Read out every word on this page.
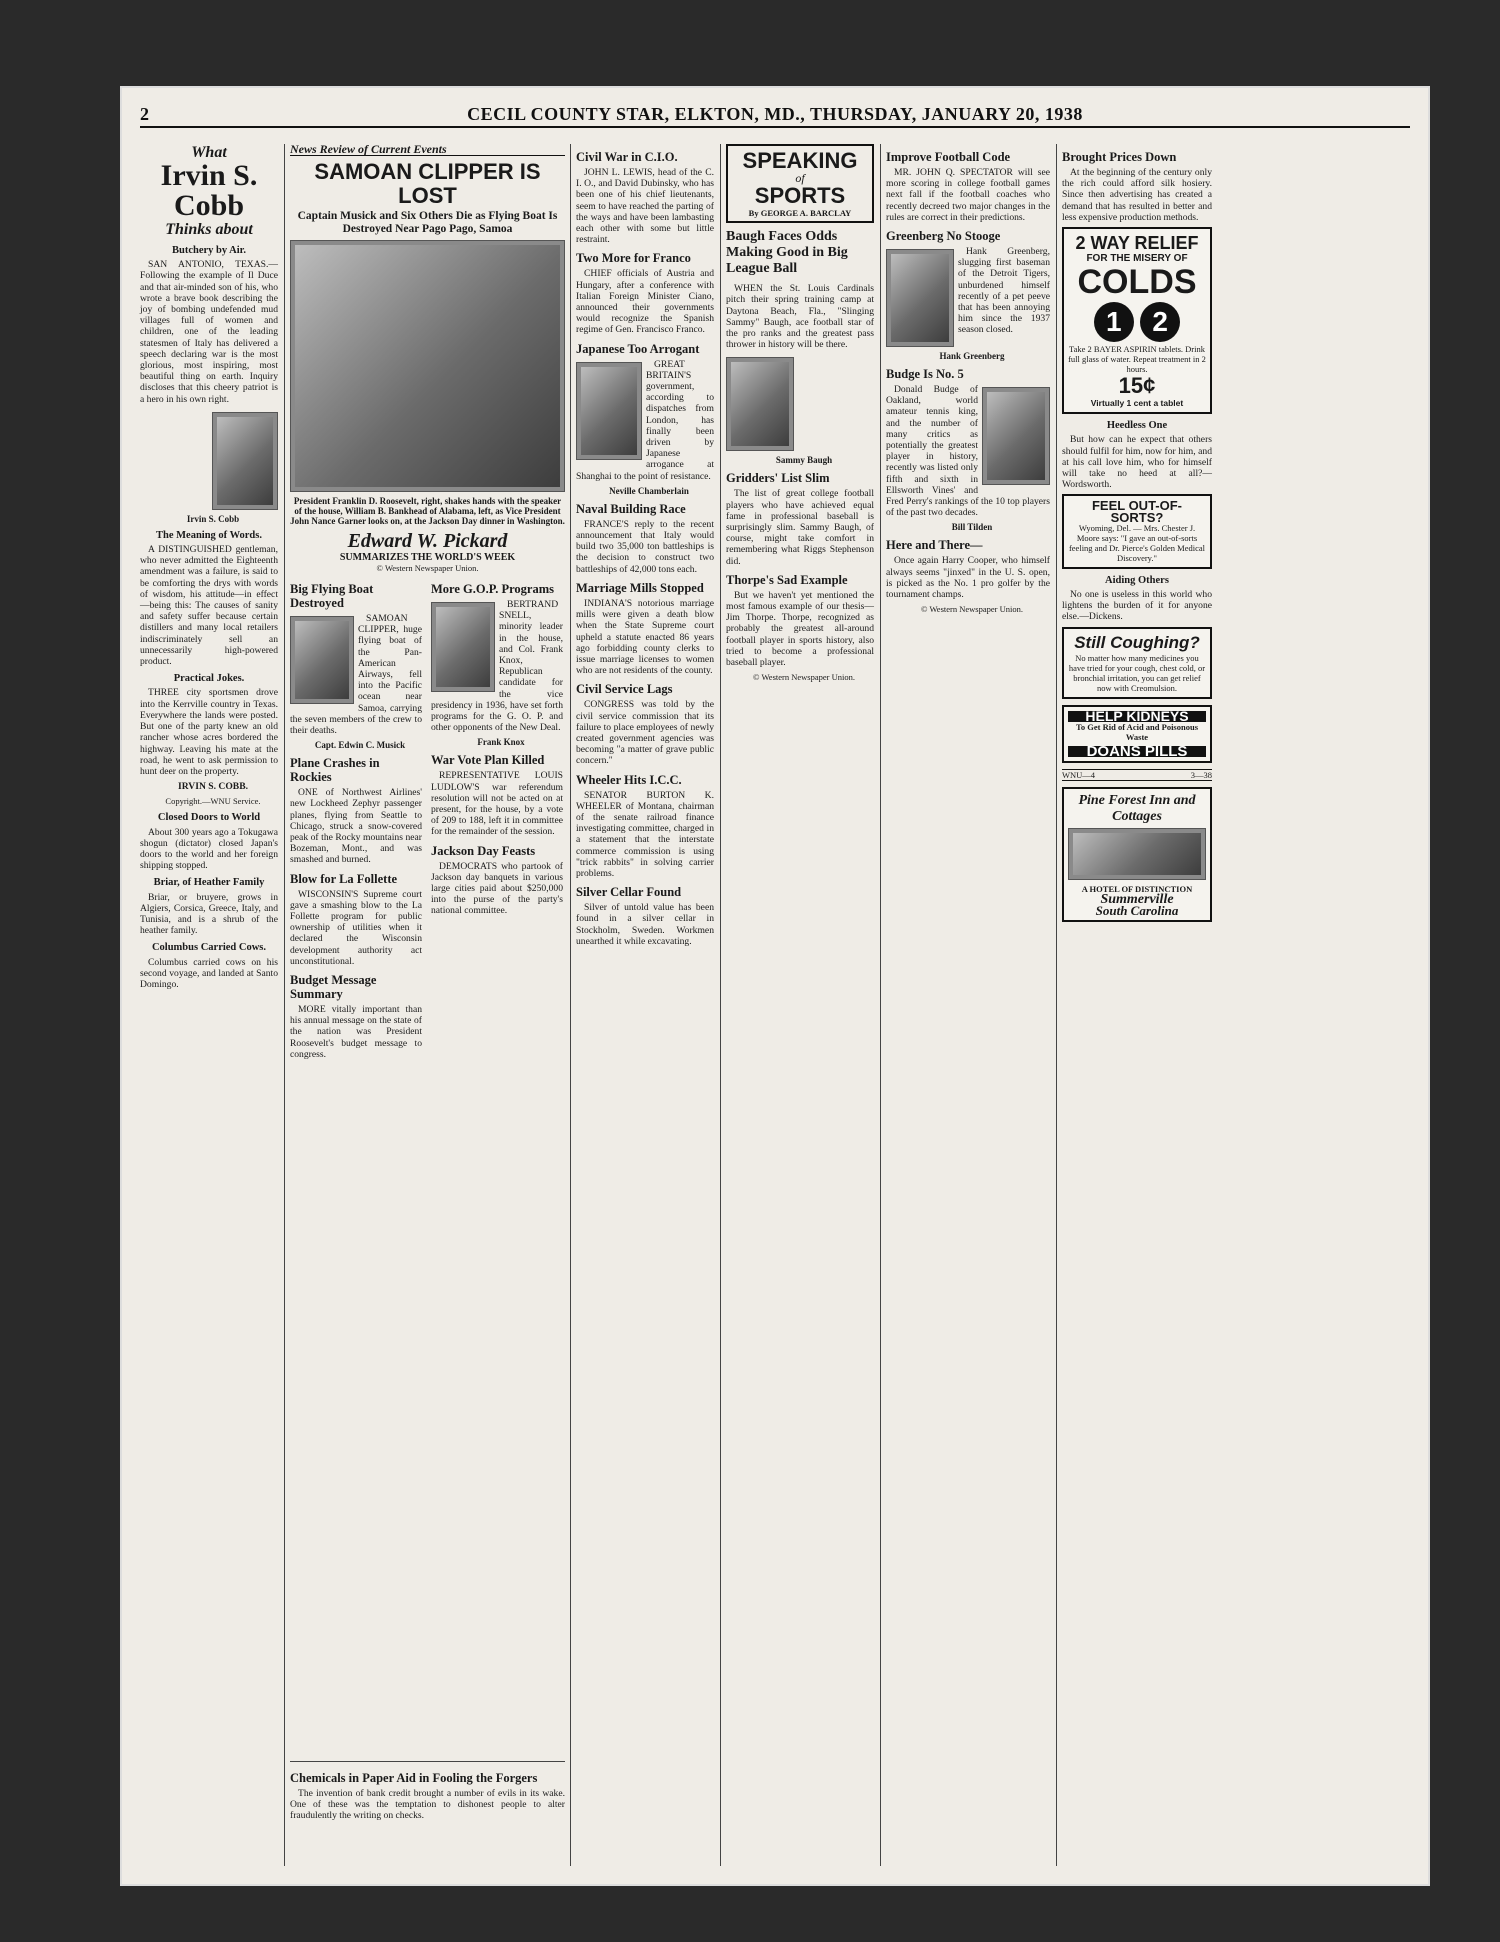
2	CECIL COUNTY STAR, ELKTON, MD., THURSDAY, JANUARY 20, 1938
What
Irvin S. Cobb
Thinks about
Butchery by Air.

SAN ANTONIO, TEXAS.—Following the example of Il Duce and that air-minded son of his, who wrote a brave book describing the joy of bombing undefended mud villages full of women and children, one of the leading statesmen of Italy has delivered a speech declaring war is the most glorious, most inspiring, most beautiful thing on earth. Inquiry discloses that this cheery patriot is a hero in his own right.

Irvin S. Cobb

The Meaning of Words.

A DISTINGUISHED gentleman, who never admitted the Eighteenth amendment was a failure, is said to be comforting the drys with words of wisdom, his attitude—in effect—being this: The causes of sanity and safety suffer because certain distillers and many local retailers indiscriminately sell an unnecessarily high-powered product.

Practical Jokes.

THREE city sportsmen drove into the Kerrville country in Texas. Everywhere the lands were posted. But one of the party knew an old rancher whose acres bordered the highway. Leaving his mate at the road, he went to ask permission to hunt deer on the property.

IRVIN S. COBB.

Copyright.—WNU Service.

Closed Doors to World

About 300 years ago a Tokugawa shogun (dictator) closed Japan's doors to the world and her foreign shipping stopped.

Briar, of Heather Family

Briar, or bruyere, grows in Algiers, Corsica, Greece, Italy, and Tunisia, and is a shrub of the heather family.

Columbus Carried Cows.

Columbus carried cows on his second voyage, and landed at Santo Domingo.

News Review of Current Events
SAMOAN CLIPPER IS LOST
Captain Musick and Six Others Die as Flying Boat Is Destroyed Near Pago Pago, Samoa
President Franklin D. Roosevelt, right, shakes hands with the speaker of the house, William B. Bankhead of Alabama, left, as Vice President John Nance Garner looks on, at the Jackson Day dinner in Washington.
Edward W. Pickard
SUMMARIZES THE WORLD'S WEEK
© Western Newspaper Union.
Big Flying Boat Destroyed

SAMOAN CLIPPER, huge flying boat of the Pan-American Airways, fell into the Pacific ocean near Samoa, carrying the seven members of the crew to their deaths.

Capt. Edwin C. Musick

Plane Crashes in Rockies

ONE of Northwest Airlines' new Lockheed Zephyr passenger planes, flying from Seattle to Chicago, struck a snow-covered peak of the Rocky mountains near Bozeman, Mont., and was smashed and burned.

Blow for La Follette

WISCONSIN'S Supreme court gave a smashing blow to the La Follette program for public ownership of utilities when it declared the Wisconsin development authority act unconstitutional.

Budget Message Summary

MORE vitally important than his annual message on the state of the nation was President Roosevelt's budget message to congress.

More G.O.P. Programs

BERTRAND SNELL, minority leader in the house, and Col. Frank Knox, Republican candidate for the vice presidency in 1936, have set forth programs for the G. O. P. and other opponents of the New Deal.

Frank Knox

War Vote Plan Killed

REPRESENTATIVE LOUIS LUDLOW'S war referendum resolution will not be acted on at present, for the house, by a vote of 209 to 188, left it in committee for the remainder of the session.

Jackson Day Feasts

DEMOCRATS who partook of Jackson day banquets in various large cities paid about $250,000 into the purse of the party's national committee.

Chemicals in Paper Aid in Fooling the Forgers

The invention of bank credit brought a number of evils in its wake. One of these was the temptation to dishonest people to alter fraudulently the writing on checks.

Civil War in C.I.O.

JOHN L. LEWIS, head of the C. I. O., and David Dubinsky, who has been one of his chief lieutenants, seem to have reached the parting of the ways and have been lambasting each other with some but little restraint.

Two More for Franco

CHIEF officials of Austria and Hungary, after a conference with Italian Foreign Minister Ciano, announced their governments would recognize the Spanish regime of Gen. Francisco Franco.

Japanese Too Arrogant

GREAT BRITAIN'S government, according to dispatches from London, has finally been driven by Japanese arrogance at Shanghai to the point of resistance.

Neville Chamberlain

Naval Building Race

FRANCE'S reply to the recent announcement that Italy would build two 35,000 ton battleships is the decision to construct two battleships of 42,000 tons each.

Marriage Mills Stopped

INDIANA'S notorious marriage mills were given a death blow when the State Supreme court upheld a statute enacted 86 years ago forbidding county clerks to issue marriage licenses to women who are not residents of the county.

Civil Service Lags

CONGRESS was told by the civil service commission that its failure to place employees of newly created government agencies was becoming "a matter of grave public concern."

Wheeler Hits I.C.C.

SENATOR BURTON K. WHEELER of Montana, chairman of the senate railroad finance investigating committee, charged in a statement that the interstate commerce commission is using "trick rabbits" in solving carrier problems.

Silver Cellar Found

Silver of untold value has been found in a silver cellar in Stockholm, Sweden. Workmen unearthed it while excavating.

SPEAKING
of
SPORTS
By GEORGE A. BARCLAY
Baugh Faces Odds Making Good in Big League Ball

WHEN the St. Louis Cardinals pitch their spring training camp at Daytona Beach, Fla., "Slinging Sammy" Baugh, ace football star of the pro ranks and the greatest pass thrower in history will be there.

Sammy Baugh

Gridders' List Slim

The list of great college football players who have achieved equal fame in professional baseball is surprisingly slim. Sammy Baugh, of course, might take comfort in remembering what Riggs Stephenson did.

Thorpe's Sad Example

But we haven't yet mentioned the most famous example of our thesis—Jim Thorpe. Thorpe, recognized as probably the greatest all-around football player in sports history, also tried to become a professional baseball player.

© Western Newspaper Union.

Improve Football Code

MR. JOHN Q. SPECTATOR will see more scoring in college football games next fall if the football coaches who recently decreed two major changes in the rules are correct in their predictions.

Greenberg No Stooge

Hank Greenberg, slugging first baseman of the Detroit Tigers, unburdened himself recently of a pet peeve that has been annoying him since the 1937 season closed.

Hank Greenberg

Budge Is No. 5

Donald Budge of Oakland, world amateur tennis king, and the number of many critics as potentially the greatest player in history, recently was listed only fifth and sixth in Ellsworth Vines' and Fred Perry's rankings of the 10 top players of the past two decades.

Bill Tilden

Here and There—

Once again Harry Cooper, who himself always seems "jinxed" in the U. S. open, is picked as the No. 1 pro golfer by the tournament champs.

© Western Newspaper Union.

Brought Prices Down

At the beginning of the century only the rich could afford silk hosiery. Since then advertising has created a demand that has resulted in better and less expensive production methods.

2 WAY RELIEF
FOR THE MISERY OF
COLDS
1 2
Take 2 BAYER ASPIRIN tablets. Drink full glass of water. Repeat treatment in 2 hours.
15¢
Virtually 1 cent a tablet
Heedless One

But how can he expect that others should fulfil for him, now for him, and at his call love him, who for himself will take no heed at all?—Wordsworth.

FEEL OUT-OF-SORTS?
Wyoming, Del. — Mrs. Chester J. Moore says: "I gave an out-of-sorts feeling and Dr. Pierce's Golden Medical Discovery."
Aiding Others

No one is useless in this world who lightens the burden of it for anyone else.—Dickens.

Still Coughing?
No matter how many medicines you have tried for your cough, chest cold, or bronchial irritation, you can get relief now with Creomulsion.
HELP KIDNEYS
To Get Rid of Acid and Poisonous Waste
DOANS PILLS
WNU—4	3—38
Pine Forest Inn and Cottages
A HOTEL OF DISTINCTION
Summerville
South Carolina
